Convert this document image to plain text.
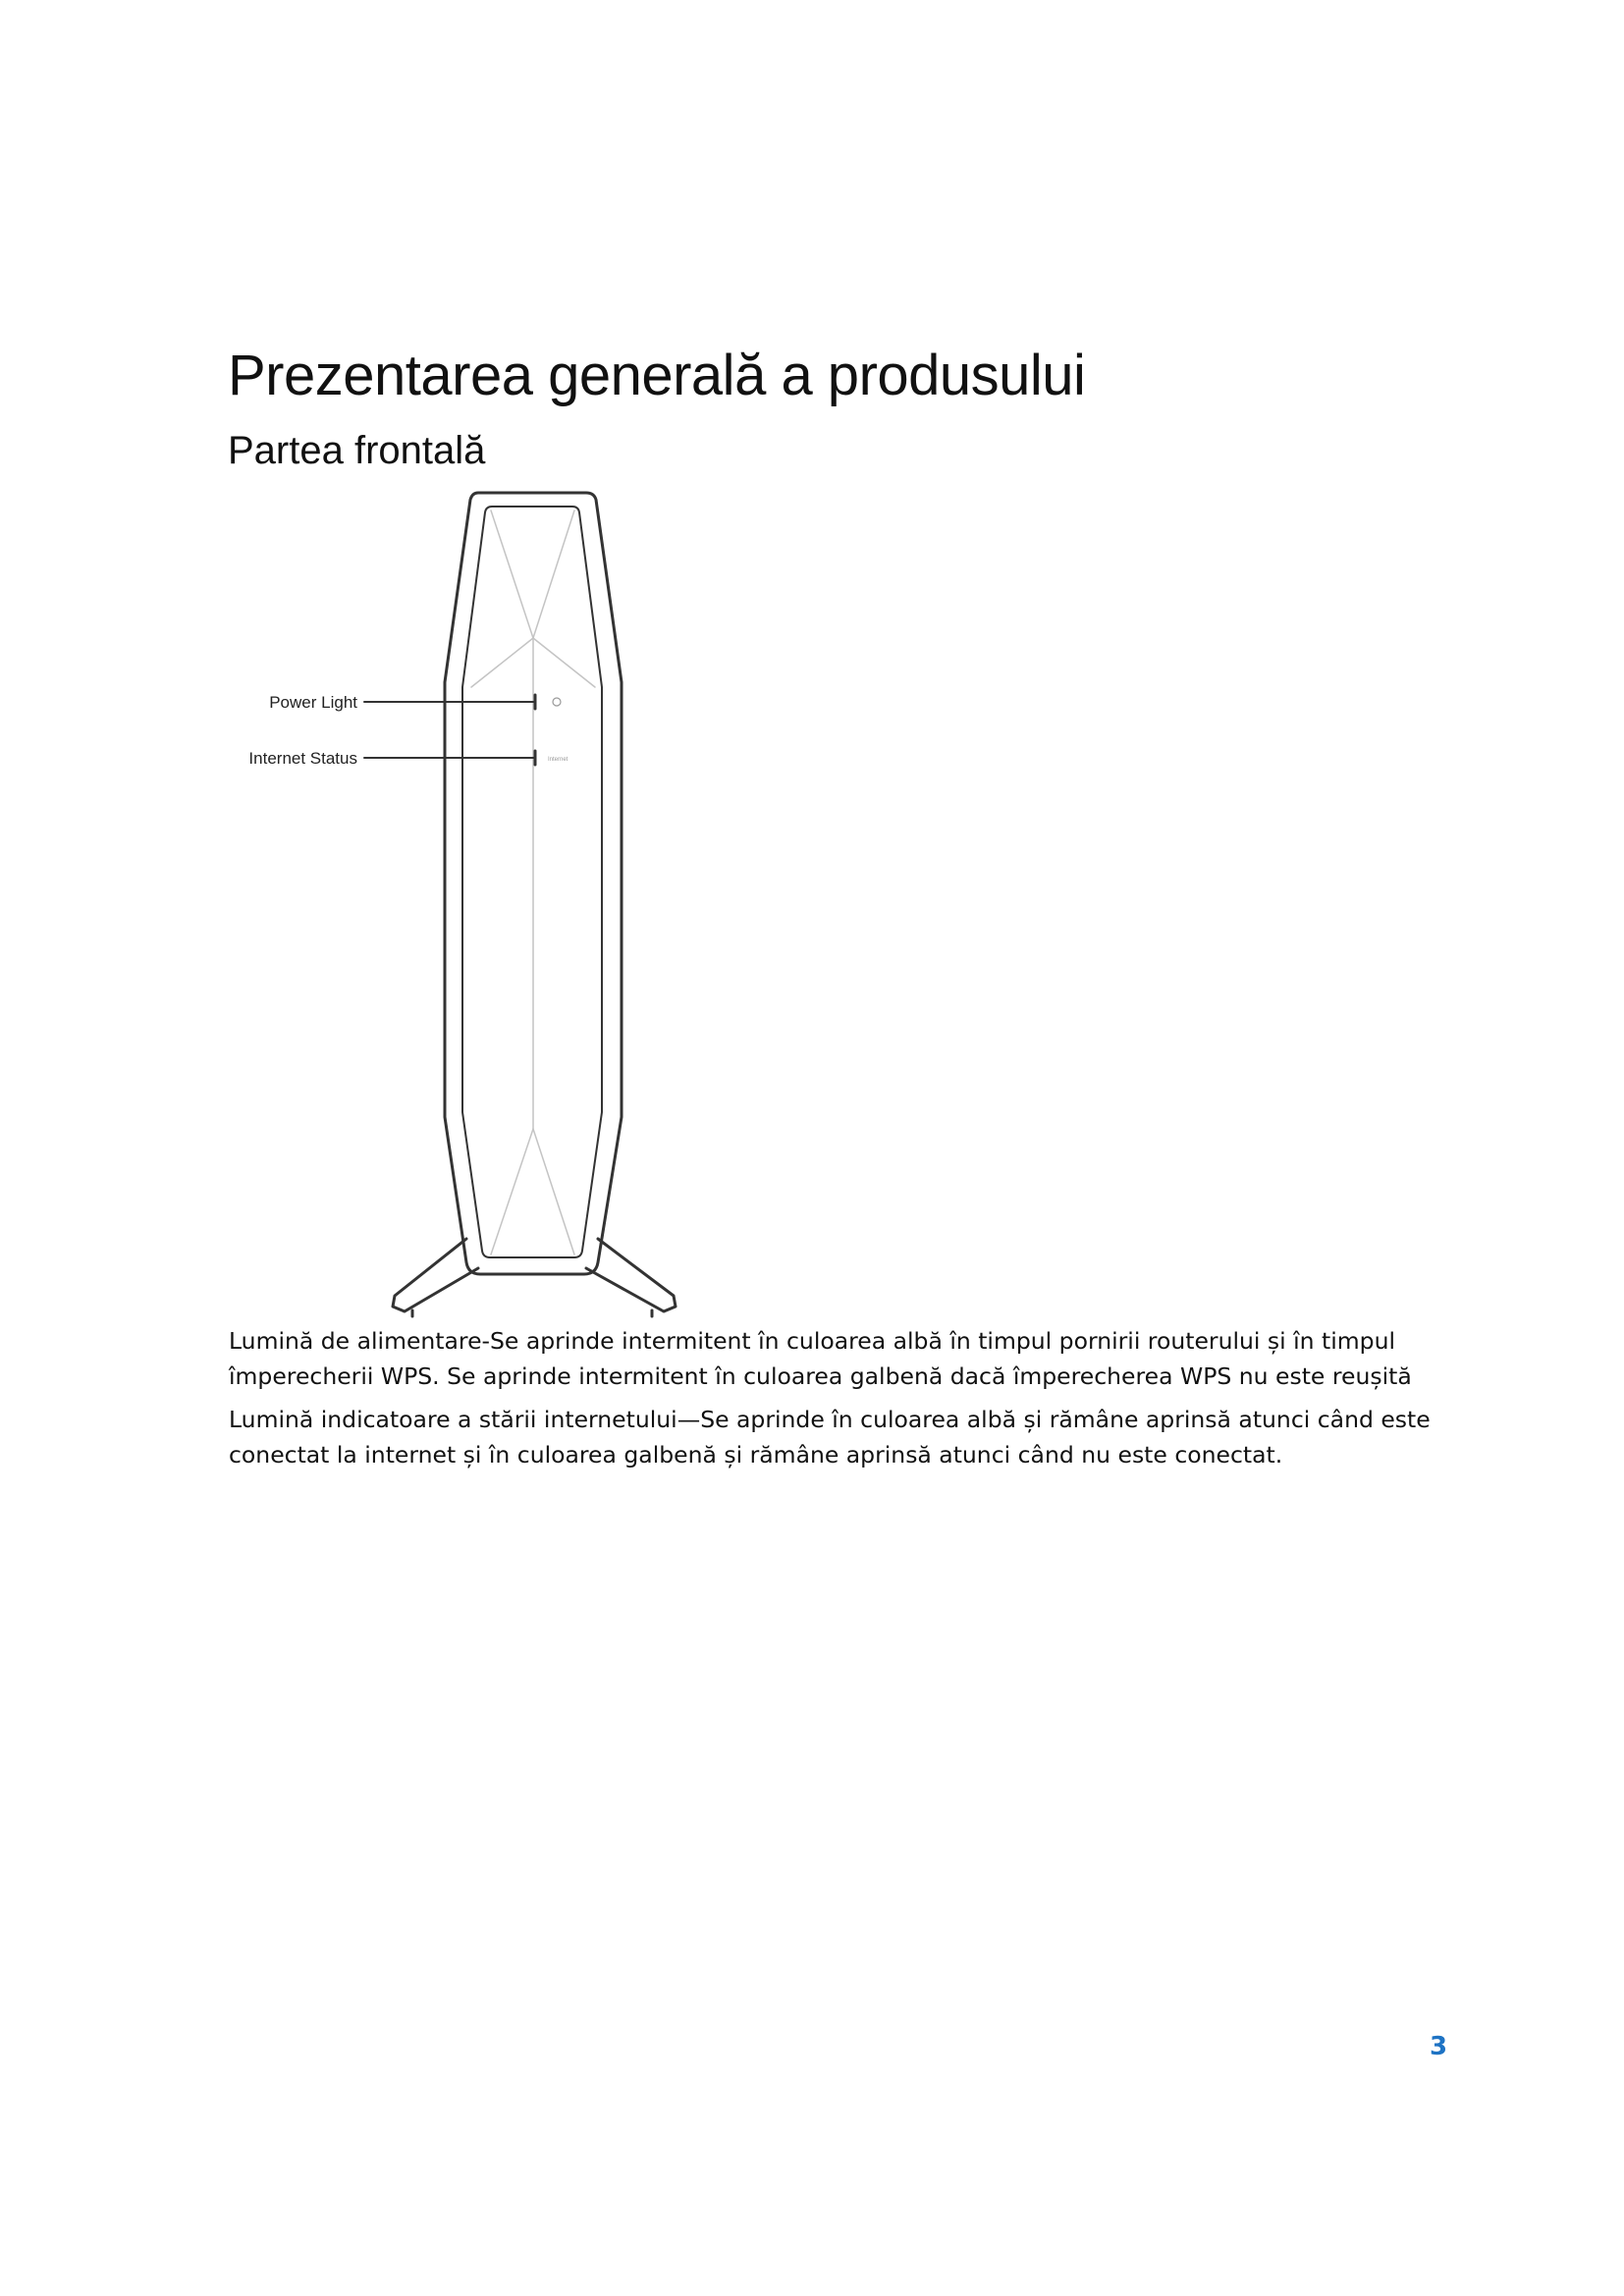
Prezentarea generală a produsului
Partea frontală
Internet
Power Light
Internet Status

Lumină de alimentare-Se aprinde intermitent în culoarea albă în timpul pornirii routerului și în timpul împerecherii WPS. Se aprinde intermitent în culoarea galbenă dacă împerecherea WPS nu este reușită

Lumină indicatoare a stării internetului—Se aprinde în culoarea albă și rămâne aprinsă atunci când este conectat la internet și în culoarea galbenă și rămâne aprinsă atunci când nu este conectat.

3
